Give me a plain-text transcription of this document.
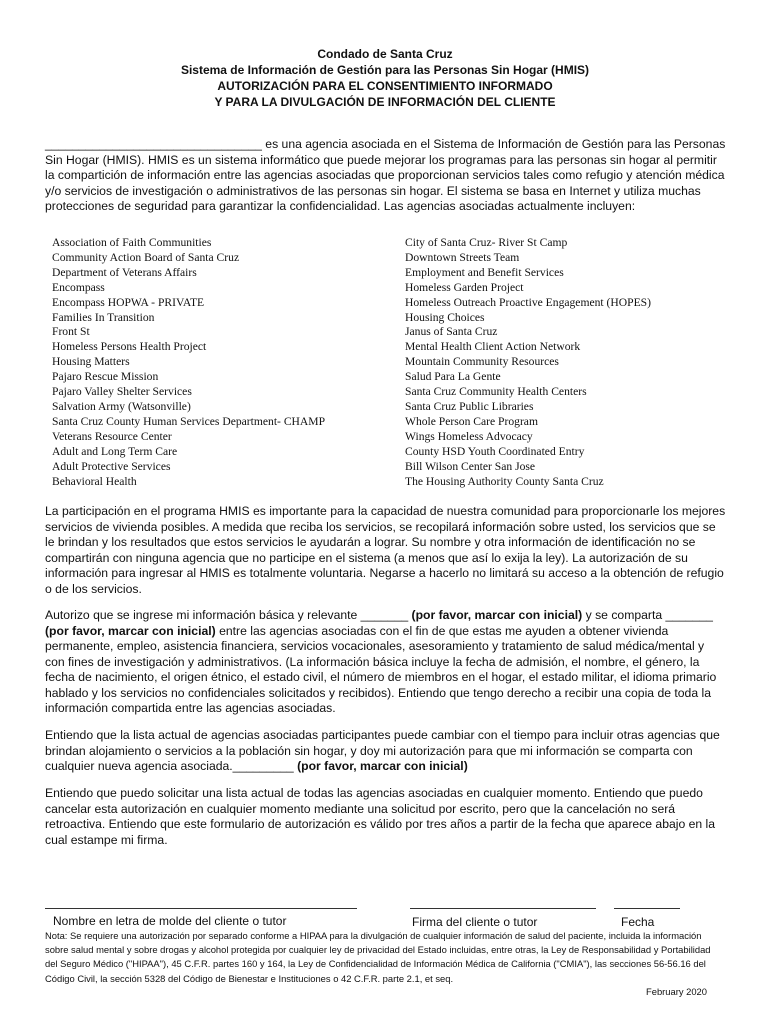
Condado de Santa Cruz
Sistema de Información de Gestión para las Personas Sin Hogar (HMIS)
AUTORIZACIÓN PARA EL CONSENTIMIENTO INFORMADO
Y PARA LA DIVULGACIÓN DE INFORMACIÓN DEL CLIENTE
________________________________ es una agencia asociada en el Sistema de Información de Gestión para las Personas Sin Hogar (HMIS). HMIS es un sistema informático que puede mejorar los programas para las personas sin hogar al permitir la compartición de información entre las agencias asociadas que proporcionan servicios tales como refugio y atención médica y/o servicios de investigación o administrativos de las personas sin hogar. El sistema se basa en Internet y utiliza muchas protecciones de seguridad para garantizar la confidencialidad. Las agencias asociadas actualmente incluyen:
Association of Faith Communities
Community Action Board of Santa Cruz
Department of Veterans Affairs
Encompass
Encompass HOPWA - PRIVATE
Families In Transition
Front St
Homeless Persons Health Project
Housing Matters
Pajaro Rescue Mission
Pajaro Valley Shelter Services
Salvation Army (Watsonville)
Santa Cruz County Human Services Department- CHAMP
Veterans Resource Center
Adult and Long Term Care
Adult Protective Services
Behavioral Health
City of Santa Cruz- River St Camp
Downtown Streets Team
Employment and Benefit Services
Homeless Garden Project
Homeless Outreach Proactive Engagement (HOPES)
Housing Choices
Janus of Santa Cruz
Mental Health Client Action Network
Mountain Community Resources
Salud Para La Gente
Santa Cruz Community Health Centers
Santa Cruz Public Libraries
Whole Person Care Program
Wings Homeless Advocacy
County HSD Youth Coordinated Entry
Bill Wilson Center San Jose
The Housing Authority County Santa Cruz
La participación en el programa HMIS es importante para la capacidad de nuestra comunidad para proporcionarle los mejores servicios de vivienda posibles. A medida que reciba los servicios, se recopilará información sobre usted, los servicios que se le brindan y los resultados que estos servicios le ayudarán a lograr. Su nombre y otra información de identificación no se compartirán con ninguna agencia que no participe en el sistema (a menos que así lo exija la ley). La autorización de su información para ingresar al HMIS es totalmente voluntaria. Negarse a hacerlo no limitará su acceso a la obtención de refugio o de los servicios.
Autorizo que se ingrese mi información básica y relevante _______ (por favor, marcar con inicial) y se comparta _______ (por favor, marcar con inicial) entre las agencias asociadas con el fin de que estas me ayuden a obtener vivienda permanente, empleo, asistencia financiera, servicios vocacionales, asesoramiento y tratamiento de salud médica/mental y con fines de investigación y administrativos. (La información básica incluye la fecha de admisión, el nombre, el género, la fecha de nacimiento, el origen étnico, el estado civil, el número de miembros en el hogar, el estado militar, el idioma primario hablado y los servicios no confidenciales solicitados y recibidos). Entiendo que tengo derecho a recibir una copia de toda la información compartida entre las agencias asociadas.
Entiendo que la lista actual de agencias asociadas participantes puede cambiar con el tiempo para incluir otras agencias que brindan alojamiento o servicios a la población sin hogar, y doy mi autorización para que mi información se comparta con cualquier nueva agencia asociada._________ (por favor, marcar con inicial)
Entiendo que puedo solicitar una lista actual de todas las agencias asociadas en cualquier momento. Entiendo que puedo cancelar esta autorización en cualquier momento mediante una solicitud por escrito, pero que la cancelación no será retroactiva. Entiendo que este formulario de autorización es válido por tres años a partir de la fecha que aparece abajo en la cual estampe mi firma.
Nombre en letra de molde del cliente o tutor	Firma del cliente o tutor	Fecha
Nota: Se requiere una autorización por separado conforme a HIPAA para la divulgación de cualquier información de salud del paciente, incluida la información sobre salud mental y sobre drogas y alcohol protegida por cualquier ley de privacidad del Estado incluidas, entre otras, la Ley de Responsabilidad y Portabilidad del Seguro Médico ("HIPAA"), 45 C.F.R. partes 160 y 164, la Ley de Confidencialidad de Información Médica de California ("CMIA"), las secciones 56-56.16 del Código Civil, la sección 5328 del Código de Bienestar e Instituciones o 42 C.F.R. parte 2.1, et seq.
February 2020
